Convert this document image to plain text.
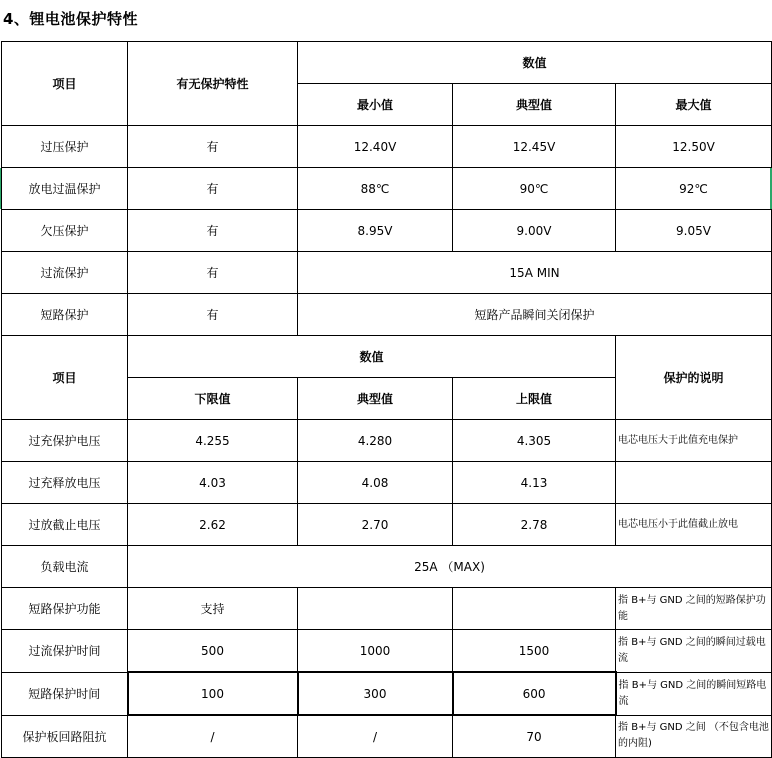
4、锂电池保护特性
项目	有无保护特性	数值		
		最小值	典型值	最大值
过压保护	有	12.40V	12.45V	12.50V
放电过温保护	有	88℃	90℃	92℃
欠压保护	有	8.95V	9.00V	9.05V
过流保护	有	15A MIN		
短路保护	有	短路产品瞬间关闭保护		
项目	数值			保护的说明
	下限值	典型值	上限值	
过充保护电压	4.255	4.280	4.305	电芯电压大于此值充电保护
过充释放电压	4.03	4.08	4.13	
过放截止电压	2.62	2.70	2.78	电芯电压小于此值截止放电
负载电流	25A （MAX)			
短路保护功能	支持			指 B+与 GND 之间的短路保护功能
过流保护时间	500	1000	1500	指 B+与 GND 之间的瞬间过载电流
短路保护时间	100	300	600	指 B+与 GND 之间的瞬间短路电流
保护板回路阻抗	/	/	70	指 B+与 GND 之间 （不包含电池的内阻)
